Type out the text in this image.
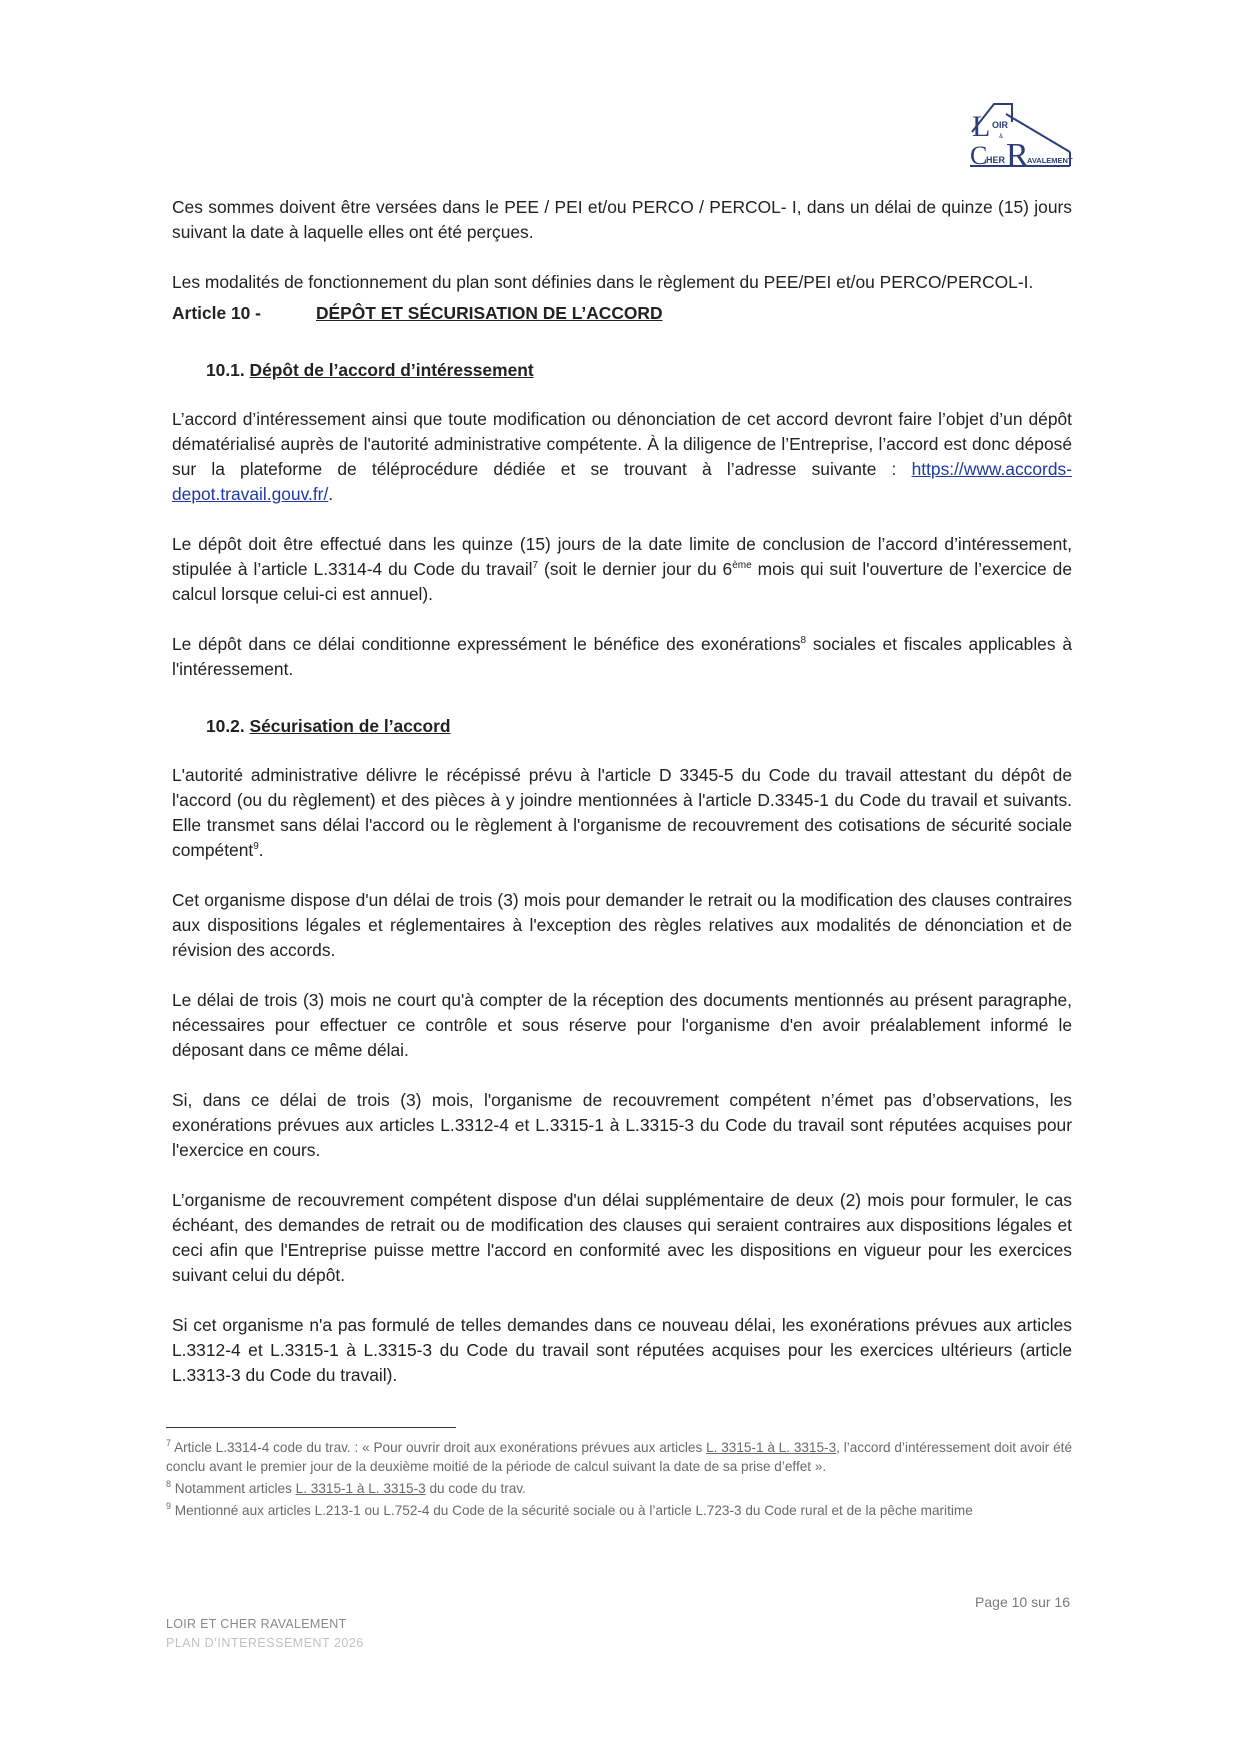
L OIR
&
C
HER R
AVALEMENT

Ces sommes doivent être versées dans le PEE / PEI et/ou PERCO / PERCOL- I, dans un délai de quinze (15) jours suivant la date à laquelle elles ont été perçues.

Les modalités de fonctionnement du plan sont définies dans le règlement du PEE/PEI et/ou PERCO/PERCOL-I.

Article 10 -	DÉPÔT ET SÉCURISATION DE L’ACCORD
10.1. Dépôt de l’accord d’intéressement

L’accord d’intéressement ainsi que toute modification ou dénonciation de cet accord devront faire l’objet d’un dépôt dématérialisé auprès de l'autorité administrative compétente. À la diligence de l’Entreprise, l’accord est donc déposé sur la plateforme de téléprocédure dédiée et se trouvant à l’adresse suivante : https://www.accords-depot.travail.gouv.fr/.

Le dépôt doit être effectué dans les quinze (15) jours de la date limite de conclusion de l’accord d’intéressement, stipulée à l’article L.3314-4 du Code du travail$^7$ (soit le dernier jour du 6ème mois qui suit l'ouverture de l’exercice de calcul lorsque celui-ci est annuel).

Le dépôt dans ce délai conditionne expressément le bénéfice des exonérations$^8$ sociales et fiscales applicables à l'intéressement.

10.2. Sécurisation de l’accord

L'autorité administrative délivre le récépissé prévu à l'article D 3345-5 du Code du travail attestant du dépôt de l'accord (ou du règlement) et des pièces à y joindre mentionnées à l'article D.3345-1 du Code du travail et suivants. Elle transmet sans délai l'accord ou le règlement à l'organisme de recouvrement des cotisations de sécurité sociale compétent$^9$.

Cet organisme dispose d'un délai de trois (3) mois pour demander le retrait ou la modification des clauses contraires aux dispositions légales et réglementaires à l'exception des règles relatives aux modalités de dénonciation et de révision des accords.

Le délai de trois (3) mois ne court qu'à compter de la réception des documents mentionnés au présent paragraphe, nécessaires pour effectuer ce contrôle et sous réserve pour l'organisme d'en avoir préalablement informé le déposant dans ce même délai.

Si, dans ce délai de trois (3) mois, l'organisme de recouvrement compétent n’émet pas d’observations, les exonérations prévues aux articles L.3312-4 et L.3315-1 à L.3315-3 du Code du travail sont réputées acquises pour l'exercice en cours.

L’organisme de recouvrement compétent dispose d'un délai supplémentaire de deux (2) mois pour formuler, le cas échéant, des demandes de retrait ou de modification des clauses qui seraient contraires aux dispositions légales et ceci afin que l'Entreprise puisse mettre l'accord en conformité avec les dispositions en vigueur pour les exercices suivant celui du dépôt.

Si cet organisme n'a pas formulé de telles demandes dans ce nouveau délai, les exonérations prévues aux articles L.3312-4 et L.3315-1 à L.3315-3 du Code du travail sont réputées acquises pour les exercices ultérieurs (article L.3313-3 du Code du travail).

$^7$ Article L.3314-4 code du trav. : « Pour ouvrir droit aux exonérations prévues aux articles L. 3315-1 à L. 3315-3, l’accord d’intéressement doit avoir été conclu avant le premier jour de la deuxième moitié de la période de calcul suivant la date de sa prise d’effet ».

$^8$ Notamment articles L. 3315-1 à L. 3315-3 du code du trav.

$^9$ Mentionné aux articles L.213-1 ou L.752-4 du Code de la sécurité sociale ou à l’article L.723-3 du Code rural et de la pêche maritime

Page 10 sur 16
LOIR ET CHER RAVALEMENT
PLAN D’INTERESSEMENT 2026
